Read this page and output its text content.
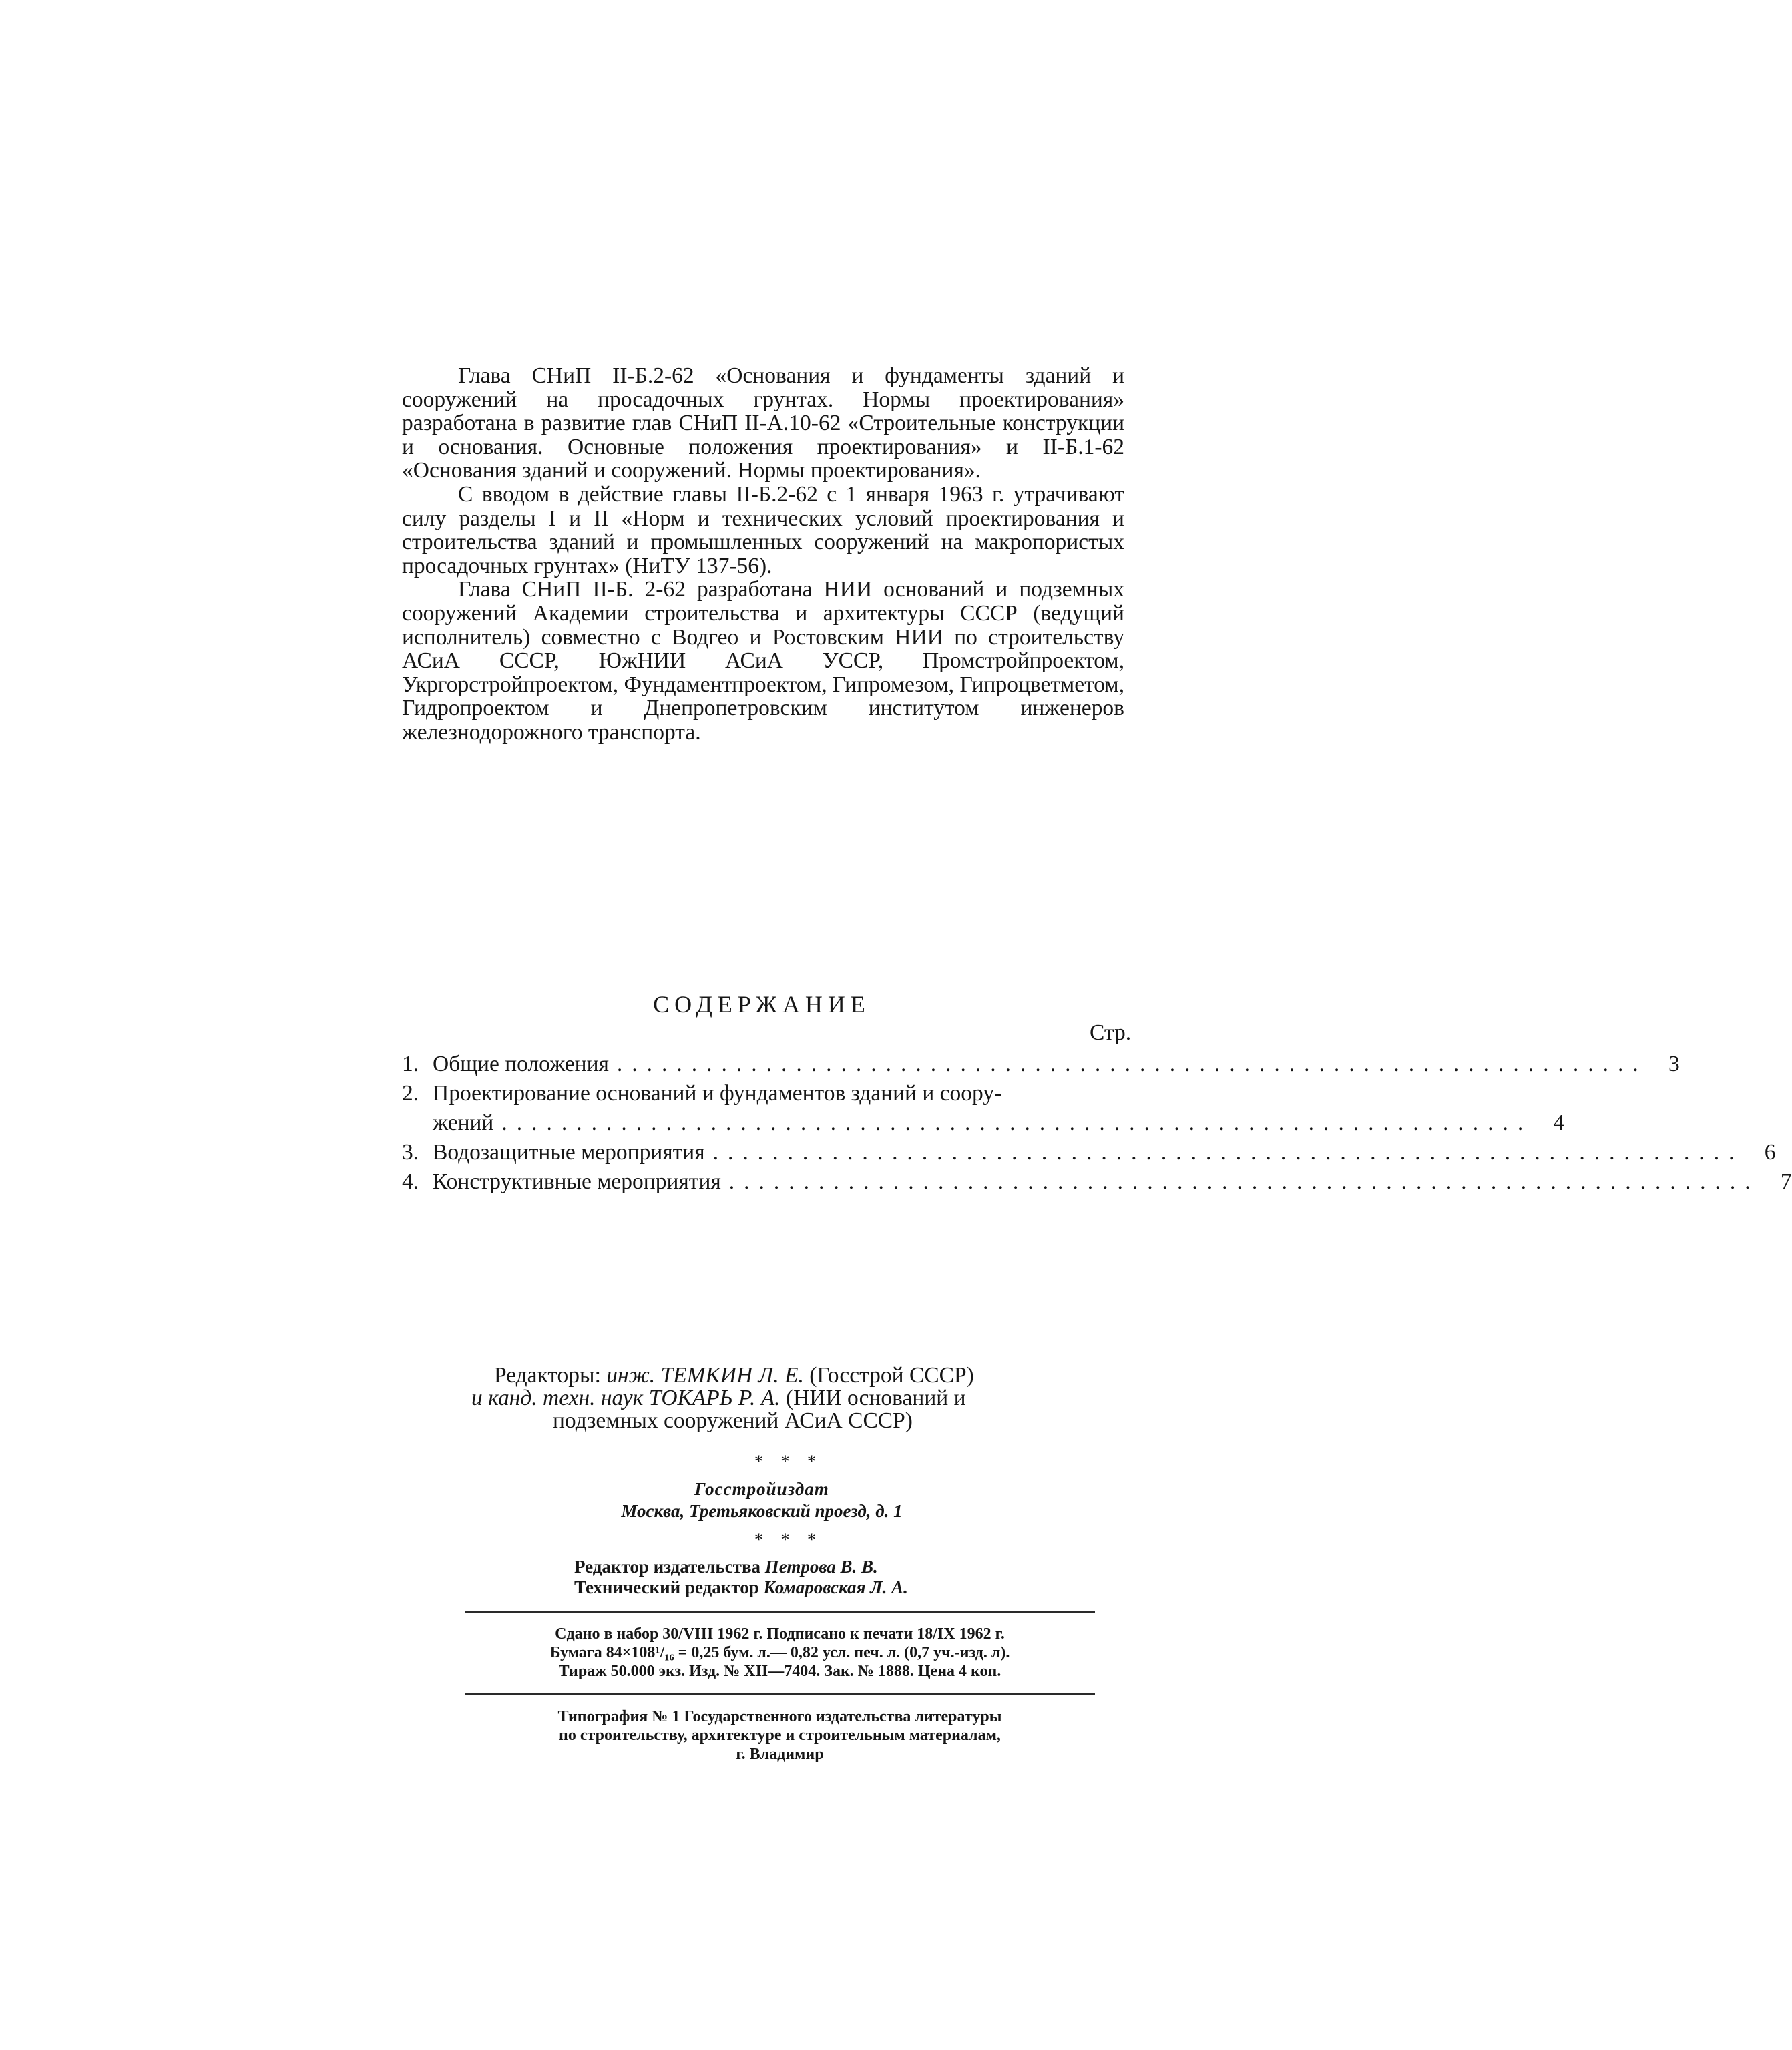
Глава СНиП II-Б.2-62 «Основания и фундаменты зданий и сооружений на просадочных грунтах. Нормы проектирования» разработана в развитие глав СНиП II-А.10-62 «Строительные конструкции и основания. Основные положения проектирования» и II-Б.1-62 «Основания зданий и сооружений. Нормы проектирования».

С вводом в действие главы II-Б.2-62 с 1 января 1963 г. утрачивают силу разделы I и II «Норм и технических условий проектирования и строительства зданий и промышленных сооружений на макропористых просадочных грунтах» (НиТУ 137-56).

Глава СНиП II-Б. 2-62 разработана НИИ оснований и подземных сооружений Академии строительства и архитектуры СССР (ведущий исполнитель) совместно с Водгео и Ростовским НИИ по строительству АСиА СССР, ЮжНИИ АСиА УССР, Промстройпроектом, Укргорстройпроектом, Фундаментпроектом, Гипромезом, Гипроцветметом, Гидропроектом и Днепропетровским институтом инженеров железнодорожного транспорта.

СОДЕРЖАНИЕ
Стр.
1. Общие положения ..................................................................... 3
2. Проектирование оснований и фундаментов зданий и соору-
жений ..................................................................... 4
3. Водозащитные мероприятия ..................................................................... 6
4. Конструктивные мероприятия ..................................................................... 7
Редакторы: инж. ТЕМКИН Л. Е. (Госстрой СССР)
и канд. техн. наук ТОКАРЬ Р. А. (НИИ оснований и
подземных сооружений АСиА СССР)
* * *
Госстройиздат
Москва, Третьяковский проезд, д. 1
* * *
Редактор издательства Петрова В. В.
Технический редактор Комаровская Л. А.
Сдано в набор 30/VIII 1962 г. Подписано к печати 18/IX 1962 г.
Бумага 84×108¹/₁₆ = 0,25 бум. л.— 0,82 усл. печ. л. (0,7 уч.-изд. л).
Тираж 50.000 экз. Изд. № XII—7404. Зак. № 1888. Цена 4 коп.
Типография № 1 Государственного издательства литературы
по строительству, архитектуре и строительным материалам,
г. Владимир
